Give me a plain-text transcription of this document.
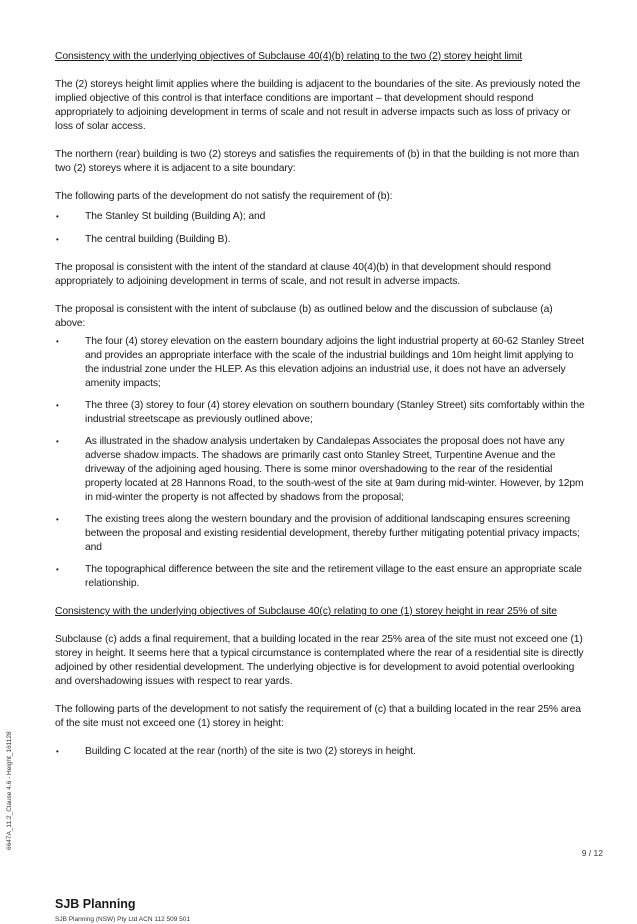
Consistency with the underlying objectives of Subclause 40(4)(b) relating to the two (2) storey height limit

The (2) storeys height limit applies where the building is adjacent to the boundaries of the site. As previously noted the implied objective of this control is that interface conditions are important – that development should respond appropriately to adjoining development in terms of scale and not result in adverse impacts such as loss of privacy or loss of solar access.

The northern (rear) building is two (2) storeys and satisfies the requirements of (b) in that the building is not more than two (2) storeys where it is adjacent to a site boundary:

The following parts of the development do not satisfy the requirement of (b):

• The Stanley St building (Building A); and
• The central building (Building B).

The proposal is consistent with the intent of the standard at clause 40(4)(b) in that development should respond appropriately to adjoining development in terms of scale, and not result in adverse impacts.

The proposal is consistent with the intent of subclause (b) as outlined below and the discussion of subclause (a) above:

• The four (4) storey elevation on the eastern boundary adjoins the light industrial property at 60-62 Stanley Street and provides an appropriate interface with the scale of the industrial buildings and 10m height limit applying to the industrial zone under the HLEP. As this elevation adjoins an industrial use, it does not have an adversely amenity impacts;
• The three (3) storey to four (4) storey elevation on southern boundary (Stanley Street) sits comfortably within the industrial streetscape as previously outlined above;
• As illustrated in the shadow analysis undertaken by Candalepas Associates the proposal does not have any adverse shadow impacts. The shadows are primarily cast onto Stanley Street, Turpentine Avenue and the driveway of the adjoining aged housing. There is some minor overshadowing to the rear of the residential property located at 28 Hannons Road, to the south-west of the site at 9am during mid-winter. However, by 12pm in mid-winter the property is not affected by shadows from the proposal;
• The existing trees along the western boundary and the provision of additional landscaping ensures screening between the proposal and existing residential development, thereby further mitigating potential privacy impacts; and
• The topographical difference between the site and the retirement village to the east ensure an appropriate scale relationship.

Consistency with the underlying objectives of Subclause 40(c) relating to one (1) storey height in rear 25% of site

Subclause (c) adds a final requirement, that a building located in the rear 25% area of the site must not exceed one (1) storey in height. It seems here that a typical circumstance is contemplated where the rear of a residential site is directly adjoined by other residential development. The underlying objective is for development to avoid potential overlooking and overshadowing issues with respect to rear yards.

The following parts of the development to not satisfy the requirement of (c) that a building located in the rear 25% area of the site must not exceed one (1) storey in height:

• Building C located at the rear (north) of the site is two (2) storeys in height.
6647A_11.2_Clause 4.6 - Height_161128
9 / 12
SJB Planning
SJB Planning (NSW) Pty Ltd ACN 112 509 501
